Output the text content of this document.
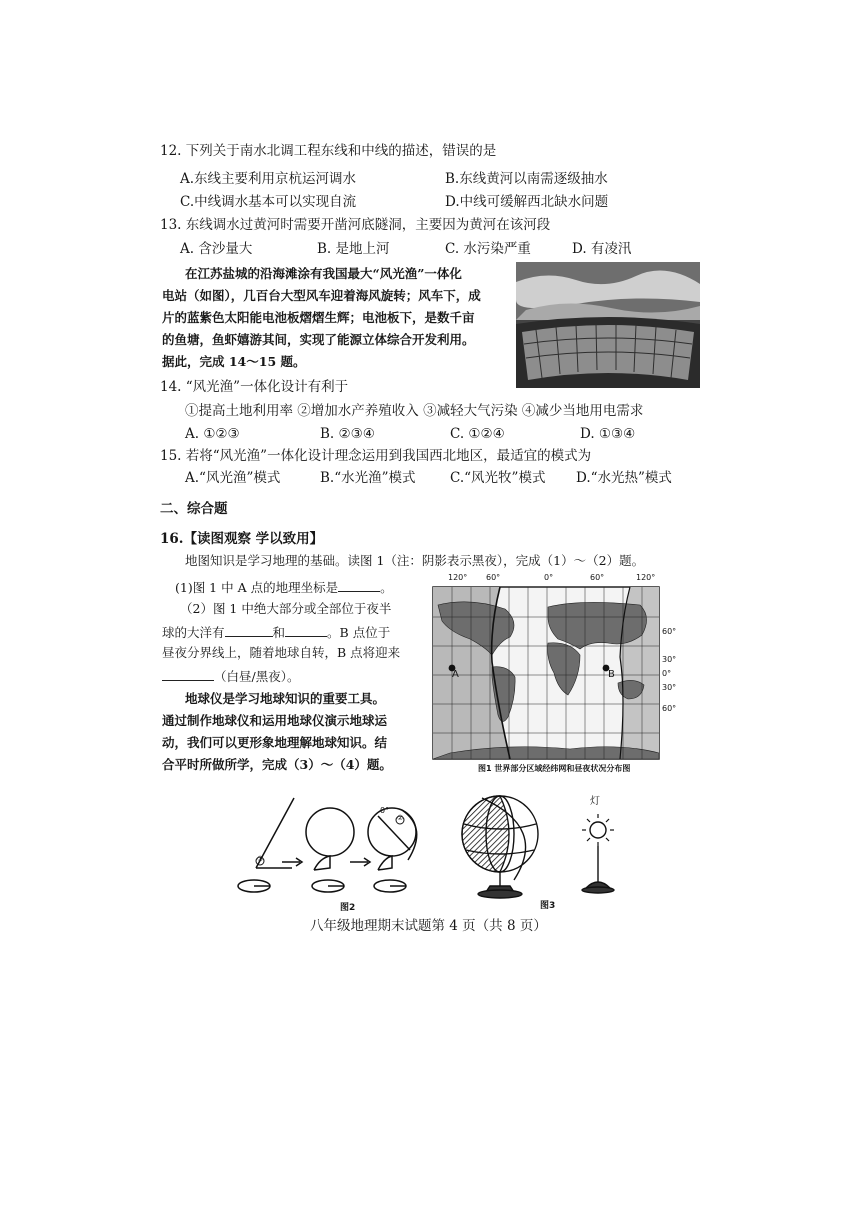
12. 下列关于南水北调工程东线和中线的描述，错误的是
A.东线主要利用京杭运河调水	B.东线黄河以南需逐级抽水
C.中线调水基本可以实现自流	D.中线可缓解西北缺水问题
13. 东线调水过黄河时需要开凿河底隧洞，主要因为黄河在该河段
A. 含沙量大	B. 是地上河	C. 水污染严重	D. 有凌汛
在江苏盐城的沿海滩涂有我国最大“风光渔”一体化
电站（如图），几百台大型风车迎着海风旋转；风车下，成
片的蓝紫色太阳能电池板熠熠生辉；电池板下，是数千亩
的鱼塘，鱼虾嬉游其间，实现了能源立体综合开发利用。
据此，完成 14～15 题。
14. “风光渔”一体化设计有利于
①提高土地利用率 ②增加水产养殖收入 ③减轻大气污染 ④减少当地用电需求
A. ①②③	B. ②③④	C. ①②④	D. ①③④
15. 若将“风光渔”一体化设计理念运用到我国西北地区，最适宜的模式为
A.“风光渔”模式	B.“水光渔”模式	C.“风光牧”模式 D.“水光热”模式
二、综合题
16.【读图观察 学以致用】
地图知识是学习地理的基础。读图 1（注：阴影表示黑夜），完成（1）～（2）题。
(1)图 1 中 A 点的地理坐标是	。
（2）图 1 中绝大部分或全部位于夜半
球的大洋有	和	。B 点位于
昼夜分界线上，随着地球自转，B 点将迎来
（白昼/黑夜）。
地球仪是学习地球知识的重要工具。
通过制作地球仪和运用地球仪演示地球运
动，我们可以更形象地理解地球知识。结
合平时所做所学，完成（3）～（4）题。
120° 60°	0°	60°	120°
60°
30°
0°
30°
60°
A	B
图1 世界部分区域经纬网和昼夜状况分布图
①
②
0°
图2
灯
图3
八年级地理期末试题第 4 页（共 8 页）
